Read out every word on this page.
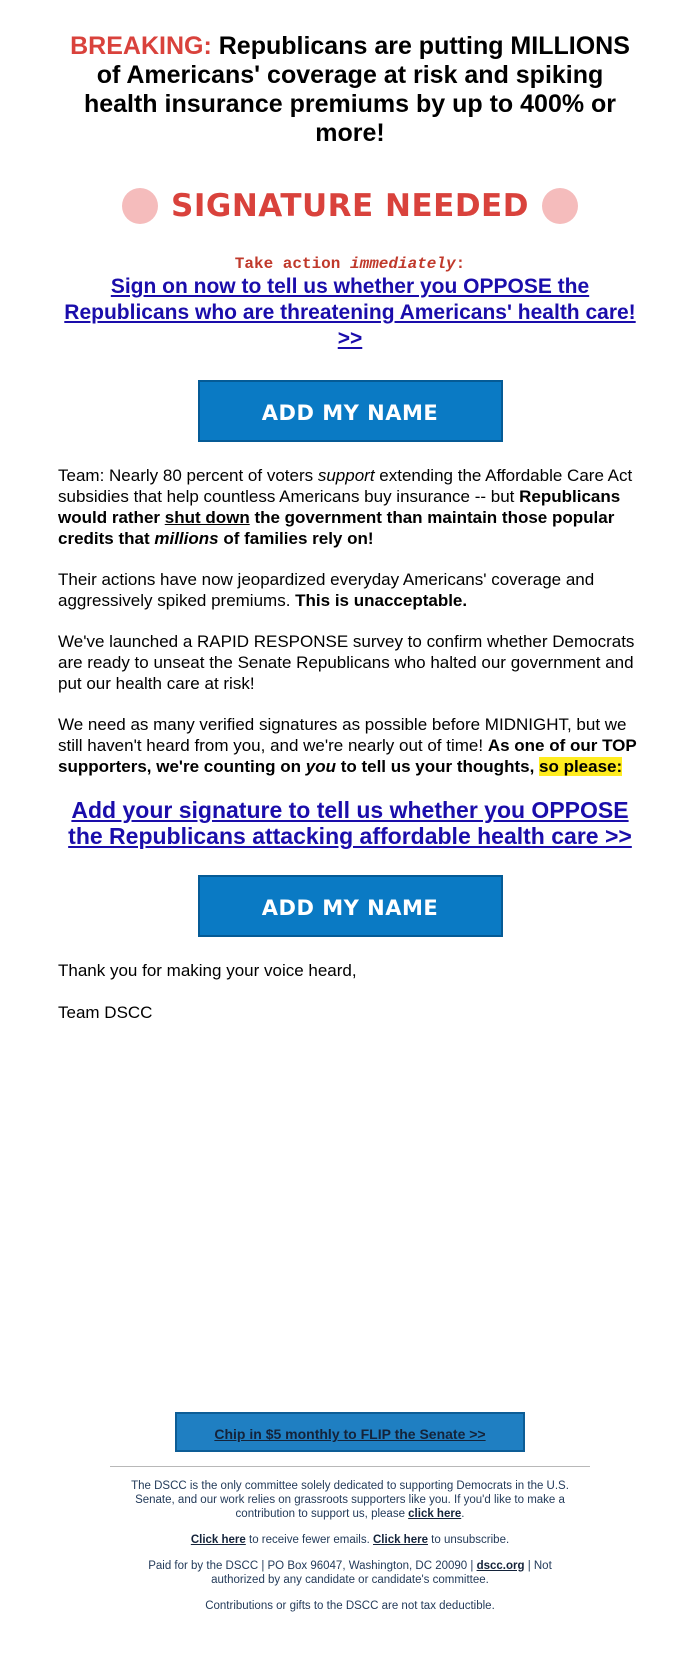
BREAKING: Republicans are putting MILLIONS of Americans' coverage at risk and spiking health insurance premiums by up to 400% or more!
SIGNATURE NEEDED
Take action immediately:
Sign on now to tell us whether you OPPOSE the Republicans who are threatening Americans' health care! >>
ADD MY NAME

Team: Nearly 80 percent of voters support extending the Affordable Care Act subsidies that help countless Americans buy insurance -- but Republicans would rather shut down the government than maintain those popular credits that millions of families rely on!

Their actions have now jeopardized everyday Americans' coverage and aggressively spiked premiums. This is unacceptable.

We've launched a RAPID RESPONSE survey to confirm whether Democrats are ready to unseat the Senate Republicans who halted our government and put our health care at risk!

We need as many verified signatures as possible before MIDNIGHT, but we still haven't heard from you, and we're nearly out of time! As one of our TOP supporters, we're counting on you to tell us your thoughts, so please:

Add your signature to tell us whether you OPPOSE the Republicans attacking affordable health care >>
ADD MY NAME

Thank you for making your voice heard,

Team DSCC

Chip in $5 monthly to FLIP the Senate >>

The DSCC is the only committee solely dedicated to supporting Democrats in the U.S. Senate, and our work relies on grassroots supporters like you. If you'd like to make a contribution to support us, please click here.

Click here to receive fewer emails. Click here to unsubscribe.

Paid for by the DSCC | PO Box 96047, Washington, DC 20090 | dscc.org | Not authorized by any candidate or candidate's committee.

Contributions or gifts to the DSCC are not tax deductible.
